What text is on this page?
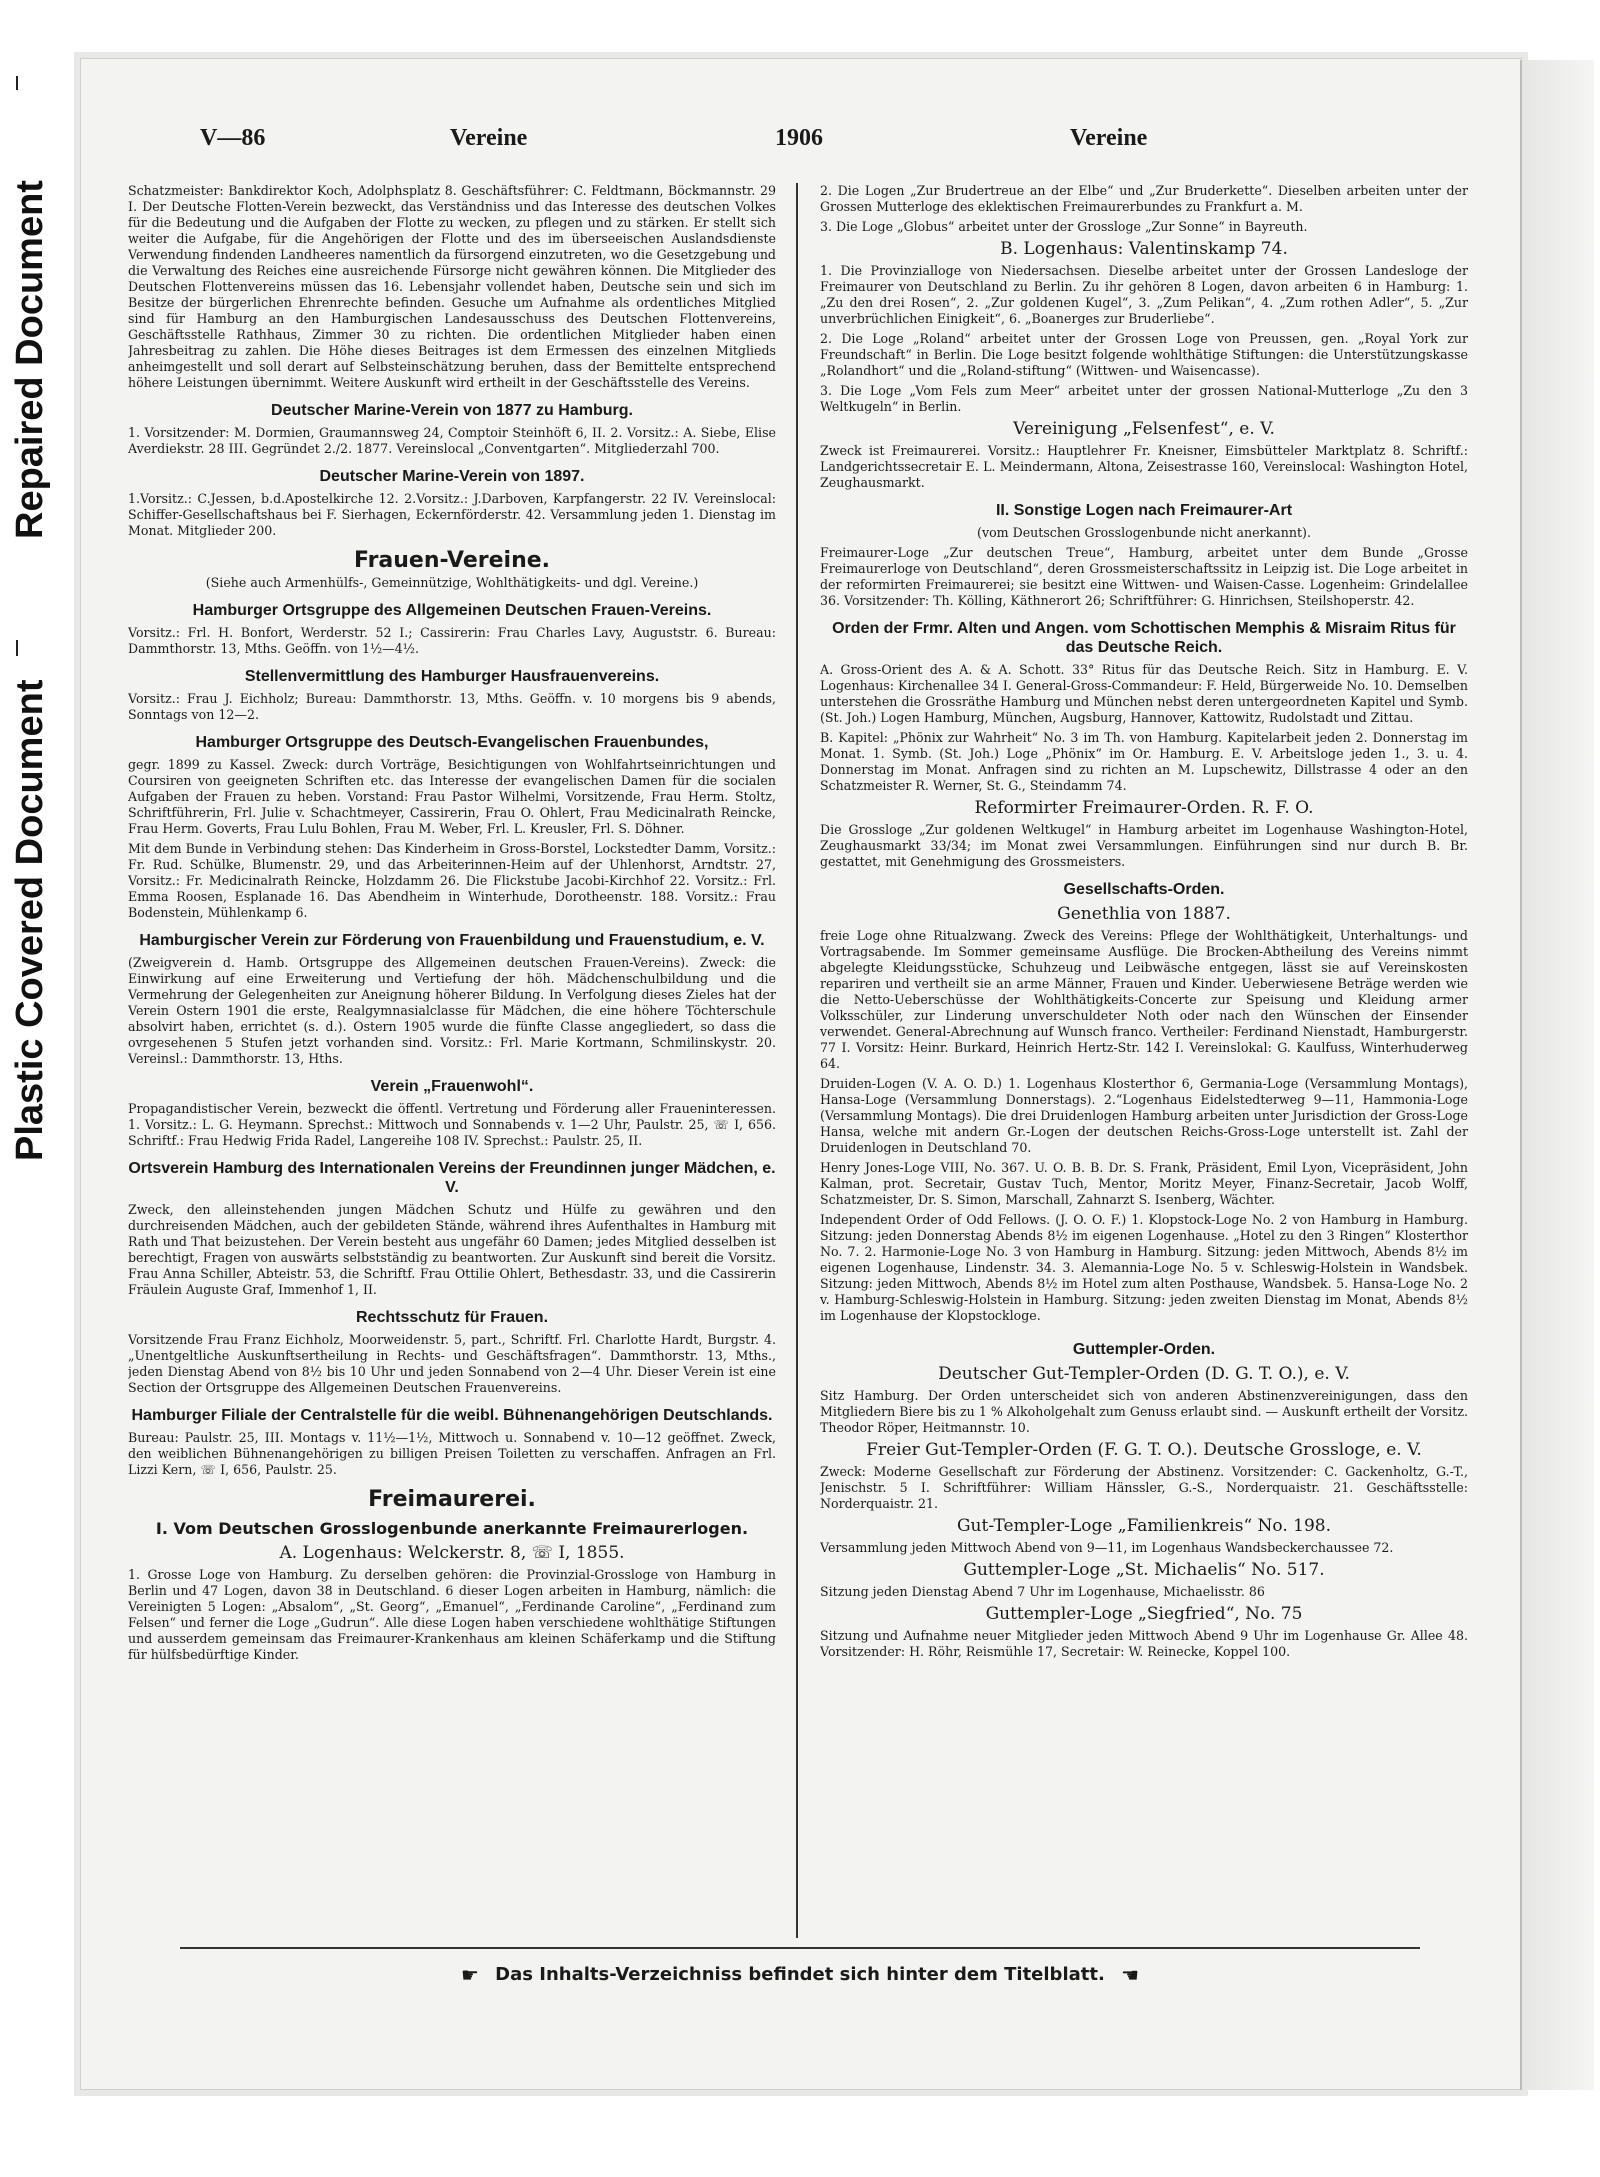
Plastic Covered Document
Repaired Document
V—86	Vereine	1906	Vereine

Schatzmeister: Bankdirektor Koch, Adolphsplatz 8. Geschäftsführer: C. Feldtmann, Böckmannstr. 29 I. Der Deutsche Flotten-Verein bezweckt, das Verständniss und das Interesse des deutschen Volkes für die Bedeutung und die Aufgaben der Flotte zu wecken, zu pflegen und zu stärken. Er stellt sich weiter die Aufgabe, für die Angehörigen der Flotte und des im überseeischen Auslandsdienste Verwendung findenden Landheeres namentlich da fürsorgend einzutreten, wo die Gesetzgebung und die Verwaltung des Reiches eine ausreichende Fürsorge nicht gewähren können. Die Mitglieder des Deutschen Flottenvereins müssen das 16. Lebensjahr vollendet haben, Deutsche sein und sich im Besitze der bürgerlichen Ehrenrechte befinden. Gesuche um Aufnahme als ordentliches Mitglied sind für Hamburg an den Hamburgischen Landesausschuss des Deutschen Flottenvereins, Geschäftsstelle Rathhaus, Zimmer 30 zu richten. Die ordentlichen Mitglieder haben einen Jahresbeitrag zu zahlen. Die Höhe dieses Beitrages ist dem Ermessen des einzelnen Mitglieds anheimgestellt und soll derart auf Selbsteinschätzung beruhen, dass der Bemittelte entsprechend höhere Leistungen übernimmt. Weitere Auskunft wird ertheilt in der Geschäftsstelle des Vereins.

Deutscher Marine-Verein von 1877 zu Hamburg.

1. Vorsitzender: M. Dormien, Graumannsweg 24, Comptoir Steinhöft 6, II. 2. Vorsitz.: A. Siebe, Elise Averdiekstr. 28 III. Gegründet 2./2. 1877. Vereinslocal „Conventgarten“. Mitgliederzahl 700.

Deutscher Marine-Verein von 1897.

1.Vorsitz.: C.Jessen, b.d.Apostelkirche 12. 2.Vorsitz.: J.Darboven, Karpfangerstr. 22 IV. Vereinslocal: Schiffer-Gesellschaftshaus bei F. Sierhagen, Eckernförderstr. 42. Versammlung jeden 1. Dienstag im Monat. Mitglieder 200.

Frauen-Vereine.

(Siehe auch Armenhülfs-, Gemeinnützige, Wohlthätigkeits- und dgl. Vereine.)

Hamburger Ortsgruppe des Allgemeinen Deutschen Frauen-Vereins.

Vorsitz.: Frl. H. Bonfort, Werderstr. 52 I.; Cassirerin: Frau Charles Lavy, Auguststr. 6. Bureau: Dammthorstr. 13, Mths. Geöffn. von 1½—4½.

Stellenvermittlung des Hamburger Hausfrauenvereins.

Vorsitz.: Frau J. Eichholz; Bureau: Dammthorstr. 13, Mths. Geöffn. v. 10 morgens bis 9 abends, Sonntags von 12—2.

Hamburger Ortsgruppe des Deutsch-Evangelischen Frauenbundes,

gegr. 1899 zu Kassel. Zweck: durch Vorträge, Besichtigungen von Wohlfahrtseinrichtungen und Coursiren von geeigneten Schriften etc. das Interesse der evangelischen Damen für die socialen Aufgaben der Frauen zu heben. Vorstand: Frau Pastor Wilhelmi, Vorsitzende, Frau Herm. Stoltz, Schriftführerin, Frl. Julie v. Schachtmeyer, Cassirerin, Frau O. Ohlert, Frau Medicinalrath Reincke, Frau Herm. Goverts, Frau Lulu Bohlen, Frau M. Weber, Frl. L. Kreusler, Frl. S. Döhner.

Mit dem Bunde in Verbindung stehen: Das Kinderheim in Gross-Borstel, Lockstedter Damm, Vorsitz.: Fr. Rud. Schülke, Blumenstr. 29, und das Arbeiterinnen-Heim auf der Uhlenhorst, Arndtstr. 27, Vorsitz.: Fr. Medicinalrath Reincke, Holzdamm 26. Die Flickstube Jacobi-Kirchhof 22. Vorsitz.: Frl. Emma Roosen, Esplanade 16. Das Abendheim in Winterhude, Dorotheenstr. 188. Vorsitz.: Frau Bodenstein, Mühlenkamp 6.

Hamburgischer Verein zur Förderung von Frauenbildung und Frauenstudium, e. V.

(Zweigverein d. Hamb. Ortsgruppe des Allgemeinen deutschen Frauen-Vereins). Zweck: die Einwirkung auf eine Erweiterung und Vertiefung der höh. Mädchenschulbildung und die Vermehrung der Gelegenheiten zur Aneignung höherer Bildung. In Verfolgung dieses Zieles hat der Verein Ostern 1901 die erste, Realgymnasialclasse für Mädchen, die eine höhere Töchterschule absolvirt haben, errichtet (s. d.). Ostern 1905 wurde die fünfte Classe angegliedert, so dass die ovrgesehenen 5 Stufen jetzt vorhanden sind. Vorsitz.: Frl. Marie Kortmann, Schmilinskystr. 20. Vereinsl.: Dammthorstr. 13, Hths.

Verein „Frauenwohl“.

Propagandistischer Verein, bezweckt die öffentl. Vertretung und Förderung aller Fraueninteressen. 1. Vorsitz.: L. G. Heymann. Sprechst.: Mittwoch und Sonnabends v. 1—2 Uhr, Paulstr. 25, ☏ I, 656. Schriftf.: Frau Hedwig Frida Radel, Langereihe 108 IV. Sprechst.: Paulstr. 25, II.

Ortsverein Hamburg des Internationalen Vereins der Freundinnen junger Mädchen, e. V.

Zweck, den alleinstehenden jungen Mädchen Schutz und Hülfe zu gewähren und den durchreisenden Mädchen, auch der gebildeten Stände, während ihres Aufenthaltes in Hamburg mit Rath und That beizustehen. Der Verein besteht aus ungefähr 60 Damen; jedes Mitglied desselben ist berechtigt, Fragen von auswärts selbstständig zu beantworten. Zur Auskunft sind bereit die Vorsitz. Frau Anna Schiller, Abteistr. 53, die Schriftf. Frau Ottilie Ohlert, Bethesdastr. 33, und die Cassirerin Fräulein Auguste Graf, Immenhof 1, II.

Rechtsschutz für Frauen.

Vorsitzende Frau Franz Eichholz, Moorweidenstr. 5, part., Schriftf. Frl. Charlotte Hardt, Burgstr. 4. „Unentgeltliche Auskunftsertheilung in Rechts- und Geschäftsfragen“. Dammthorstr. 13, Mths., jeden Dienstag Abend von 8½ bis 10 Uhr und jeden Sonnabend von 2—4 Uhr. Dieser Verein ist eine Section der Ortsgruppe des Allgemeinen Deutschen Frauenvereins.

Hamburger Filiale der Centralstelle für die weibl. Bühnenangehörigen Deutschlands.

Bureau: Paulstr. 25, III. Montags v. 11½—1½, Mittwoch u. Sonnabend v. 10—12 geöffnet. Zweck, den weiblichen Bühnenangehörigen zu billigen Preisen Toiletten zu verschaffen. Anfragen an Frl. Lizzi Kern, ☏ I, 656, Paulstr. 25.

Freimaurerei.
I. Vom Deutschen Grosslogenbunde anerkannte Freimaurerlogen.
A. Logenhaus: Welckerstr. 8, ☏ I, 1855.

1. Grosse Loge von Hamburg. Zu derselben gehören: die Provinzial-Grossloge von Hamburg in Berlin und 47 Logen, davon 38 in Deutschland. 6 dieser Logen arbeiten in Hamburg, nämlich: die Vereinigten 5 Logen: „Absalom“, „St. Georg“, „Emanuel“, „Ferdinande Caroline“, „Ferdinand zum Felsen“ und ferner die Loge „Gudrun“. Alle diese Logen haben verschiedene wohlthätige Stiftungen und ausserdem gemeinsam das Freimaurer-Krankenhaus am kleinen Schäferkamp und die Stiftung für hülfsbedürftige Kinder.

2. Die Logen „Zur Brudertreue an der Elbe“ und „Zur Bruderkette“. Dieselben arbeiten unter der Grossen Mutterloge des eklektischen Freimaurerbundes zu Frankfurt a. M.

3. Die Loge „Globus“ arbeitet unter der Grossloge „Zur Sonne“ in Bayreuth.

B. Logenhaus: Valentinskamp 74.

1. Die Provinzialloge von Niedersachsen. Dieselbe arbeitet unter der Grossen Landesloge der Freimaurer von Deutschland zu Berlin. Zu ihr gehören 8 Logen, davon arbeiten 6 in Hamburg: 1. „Zu den drei Rosen“, 2. „Zur goldenen Kugel“, 3. „Zum Pelikan“, 4. „Zum rothen Adler“, 5. „Zur unverbrüchlichen Einigkeit“, 6. „Boanerges zur Bruderliebe“.

2. Die Loge „Roland“ arbeitet unter der Grossen Loge von Preussen, gen. „Royal York zur Freundschaft“ in Berlin. Die Loge besitzt folgende wohlthätige Stiftungen: die Unterstützungskasse „Rolandhort“ und die „Roland-stiftung“ (Wittwen- und Waisencasse).

3. Die Loge „Vom Fels zum Meer“ arbeitet unter der grossen National-Mutterloge „Zu den 3 Weltkugeln“ in Berlin.

Vereinigung „Felsenfest“, e. V.

Zweck ist Freimaurerei. Vorsitz.: Hauptlehrer Fr. Kneisner, Eimsbütteler Marktplatz 8. Schriftf.: Landgerichtssecretair E. L. Meindermann, Altona, Zeisestrasse 160, Vereinslocal: Washington Hotel, Zeughausmarkt.

II. Sonstige Logen nach Freimaurer-Art

(vom Deutschen Grosslogenbunde nicht anerkannt).

Freimaurer-Loge „Zur deutschen Treue“, Hamburg, arbeitet unter dem Bunde „Grosse Freimaurerloge von Deutschland“, deren Grossmeisterschaftssitz in Leipzig ist. Die Loge arbeitet in der reformirten Freimaurerei; sie besitzt eine Wittwen- und Waisen-Casse. Logenheim: Grindelallee 36. Vorsitzender: Th. Kölling, Käthnerort 26; Schriftführer: G. Hinrichsen, Steilshoperstr. 42.

Orden der Frmr. Alten und Angen. vom Schottischen Memphis & Misraim Ritus für das Deutsche Reich.

A. Gross-Orient des A. & A. Schott. 33° Ritus für das Deutsche Reich. Sitz in Hamburg. E. V. Logenhaus: Kirchenallee 34 I. General-Gross-Commandeur: F. Held, Bürgerweide No. 10. Demselben unterstehen die Grossräthe Hamburg und München nebst deren untergeordneten Kapitel und Symb. (St. Joh.) Logen Hamburg, München, Augsburg, Hannover, Kattowitz, Rudolstadt und Zittau.

B. Kapitel: „Phönix zur Wahrheit“ No. 3 im Th. von Hamburg. Kapitelarbeit jeden 2. Donnerstag im Monat. 1. Symb. (St. Joh.) Loge „Phönix“ im Or. Hamburg. E. V. Arbeitsloge jeden 1., 3. u. 4. Donnerstag im Monat. Anfragen sind zu richten an M. Lupschewitz, Dillstrasse 4 oder an den Schatzmeister R. Werner, St. G., Steindamm 74.

Reformirter Freimaurer-Orden. R. F. O.

Die Grossloge „Zur goldenen Weltkugel“ in Hamburg arbeitet im Logenhause Washington-Hotel, Zeughausmarkt 33/34; im Monat zwei Versammlungen. Einführungen sind nur durch B. Br. gestattet, mit Genehmigung des Grossmeisters.

Gesellschafts-Orden.
Genethlia von 1887.

freie Loge ohne Ritualzwang. Zweck des Vereins: Pflege der Wohlthätigkeit, Unterhaltungs- und Vortragsabende. Im Sommer gemeinsame Ausflüge. Die Brocken-Abtheilung des Vereins nimmt abgelegte Kleidungsstücke, Schuhzeug und Leibwäsche entgegen, lässt sie auf Vereinskosten repariren und vertheilt sie an arme Männer, Frauen und Kinder. Ueberwiesene Beträge werden wie die Netto-Ueberschüsse der Wohlthätigkeits-Concerte zur Speisung und Kleidung armer Volksschüler, zur Linderung unverschuldeter Noth oder nach den Wünschen der Einsender verwendet. General-Abrechnung auf Wunsch franco. Vertheiler: Ferdinand Nienstadt, Hamburgerstr. 77 I. Vorsitz: Heinr. Burkard, Heinrich Hertz-Str. 142 I. Vereinslokal: G. Kaulfuss, Winterhuderweg 64.

Druiden-Logen (V. A. O. D.) 1. Logenhaus Klosterthor 6, Germania-Loge (Versammlung Montags), Hansa-Loge (Versammlung Donnerstags). 2.“Logenhaus Eidelstedterweg 9—11, Hammonia-Loge (Versammlung Montags). Die drei Druidenlogen Hamburg arbeiten unter Jurisdiction der Gross-Loge Hansa, welche mit andern Gr.-Logen der deutschen Reichs-Gross-Loge unterstellt ist. Zahl der Druidenlogen in Deutschland 70.

Henry Jones-Loge VIII, No. 367. U. O. B. B. Dr. S. Frank, Präsident, Emil Lyon, Vicepräsident, John Kalman, prot. Secretair, Gustav Tuch, Mentor, Moritz Meyer, Finanz-Secretair, Jacob Wolff, Schatzmeister, Dr. S. Simon, Marschall, Zahnarzt S. Isenberg, Wächter.

Independent Order of Odd Fellows. (J. O. O. F.) 1. Klopstock-Loge No. 2 von Hamburg in Hamburg. Sitzung: jeden Donnerstag Abends 8½ im eigenen Logenhause. „Hotel zu den 3 Ringen“ Klosterthor No. 7. 2. Harmonie-Loge No. 3 von Hamburg in Hamburg. Sitzung: jeden Mittwoch, Abends 8½ im eigenen Logenhause, Lindenstr. 34. 3. Alemannia-Loge No. 5 v. Schleswig-Holstein in Wandsbek. Sitzung: jeden Mittwoch, Abends 8½ im Hotel zum alten Posthause, Wandsbek. 5. Hansa-Loge No. 2 v. Hamburg-Schleswig-Holstein in Hamburg. Sitzung: jeden zweiten Dienstag im Monat, Abends 8½ im Logenhause der Klopstockloge.

Guttempler-Orden.
Deutscher Gut-Templer-Orden (D. G. T. O.), e. V.

Sitz Hamburg. Der Orden unterscheidet sich von anderen Abstinenzvereinigungen, dass den Mitgliedern Biere bis zu 1 % Alkoholgehalt zum Genuss erlaubt sind. — Auskunft ertheilt der Vorsitz. Theodor Röper, Heitmannstr. 10.

Freier Gut-Templer-Orden (F. G. T. O.). Deutsche Grossloge, e. V.

Zweck: Moderne Gesellschaft zur Förderung der Abstinenz. Vorsitzender: C. Gackenholtz, G.-T., Jenischstr. 5 I. Schriftführer: William Hänssler, G.-S., Norderquaistr. 21. Geschäftsstelle: Norderquaistr. 21.

Gut-Templer-Loge „Familienkreis“ No. 198.

Versammlung jeden Mittwoch Abend von 9—11, im Logenhaus Wandsbeckerchaussee 72.

Guttempler-Loge „St. Michaelis“ No. 517.

Sitzung jeden Dienstag Abend 7 Uhr im Logenhause, Michaelisstr. 86

Guttempler-Loge „Siegfried“, No. 75

Sitzung und Aufnahme neuer Mitglieder jeden Mittwoch Abend 9 Uhr im Logenhause Gr. Allee 48. Vorsitzender: H. Röhr, Reismühle 17, Secretair: W. Reinecke, Koppel 100.

☛ Das Inhalts-Verzeichniss befindet sich hinter dem Titelblatt. ☚
